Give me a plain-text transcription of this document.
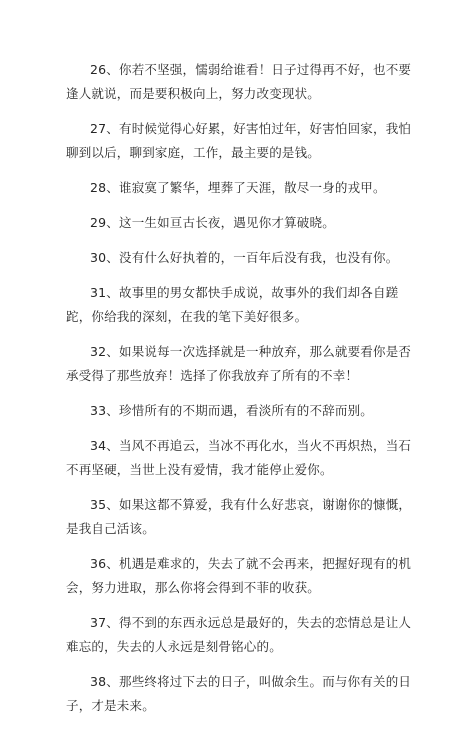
26、你若不坚强，懦弱给谁看！日子过得再不好，也不要逢人就说，而是要积极向上，努力改变现状。

27、有时候觉得心好累，好害怕过年，好害怕回家，我怕聊到以后，聊到家庭，工作，最主要的是钱。

28、谁寂寞了繁华，埋葬了天涯，散尽一身的戎甲。

29、这一生如亘古长夜，遇见你才算破晓。

30、没有什么好执着的，一百年后没有我，也没有你。

31、故事里的男女都快手成说，故事外的我们却各自蹉跎，你给我的深刻，在我的笔下美好很多。

32、如果说每一次选择就是一种放弃，那么就要看你是否承受得了那些放弃！选择了你我放弃了所有的不幸！

33、珍惜所有的不期而遇，看淡所有的不辞而别。

34、当风不再追云，当冰不再化水，当火不再炽热，当石不再坚硬，当世上没有爱情，我才能停止爱你。

35、如果这都不算爱，我有什么好悲哀，谢谢你的慷慨，是我自己活该。

36、机遇是难求的，失去了就不会再来，把握好现有的机会，努力进取，那么你将会得到不菲的收获。

37、得不到的东西永远总是最好的，失去的恋情总是让人难忘的，失去的人永远是刻骨铭心的。

38、那些终将过下去的日子，叫做余生。而与你有关的日子，才是未来。
